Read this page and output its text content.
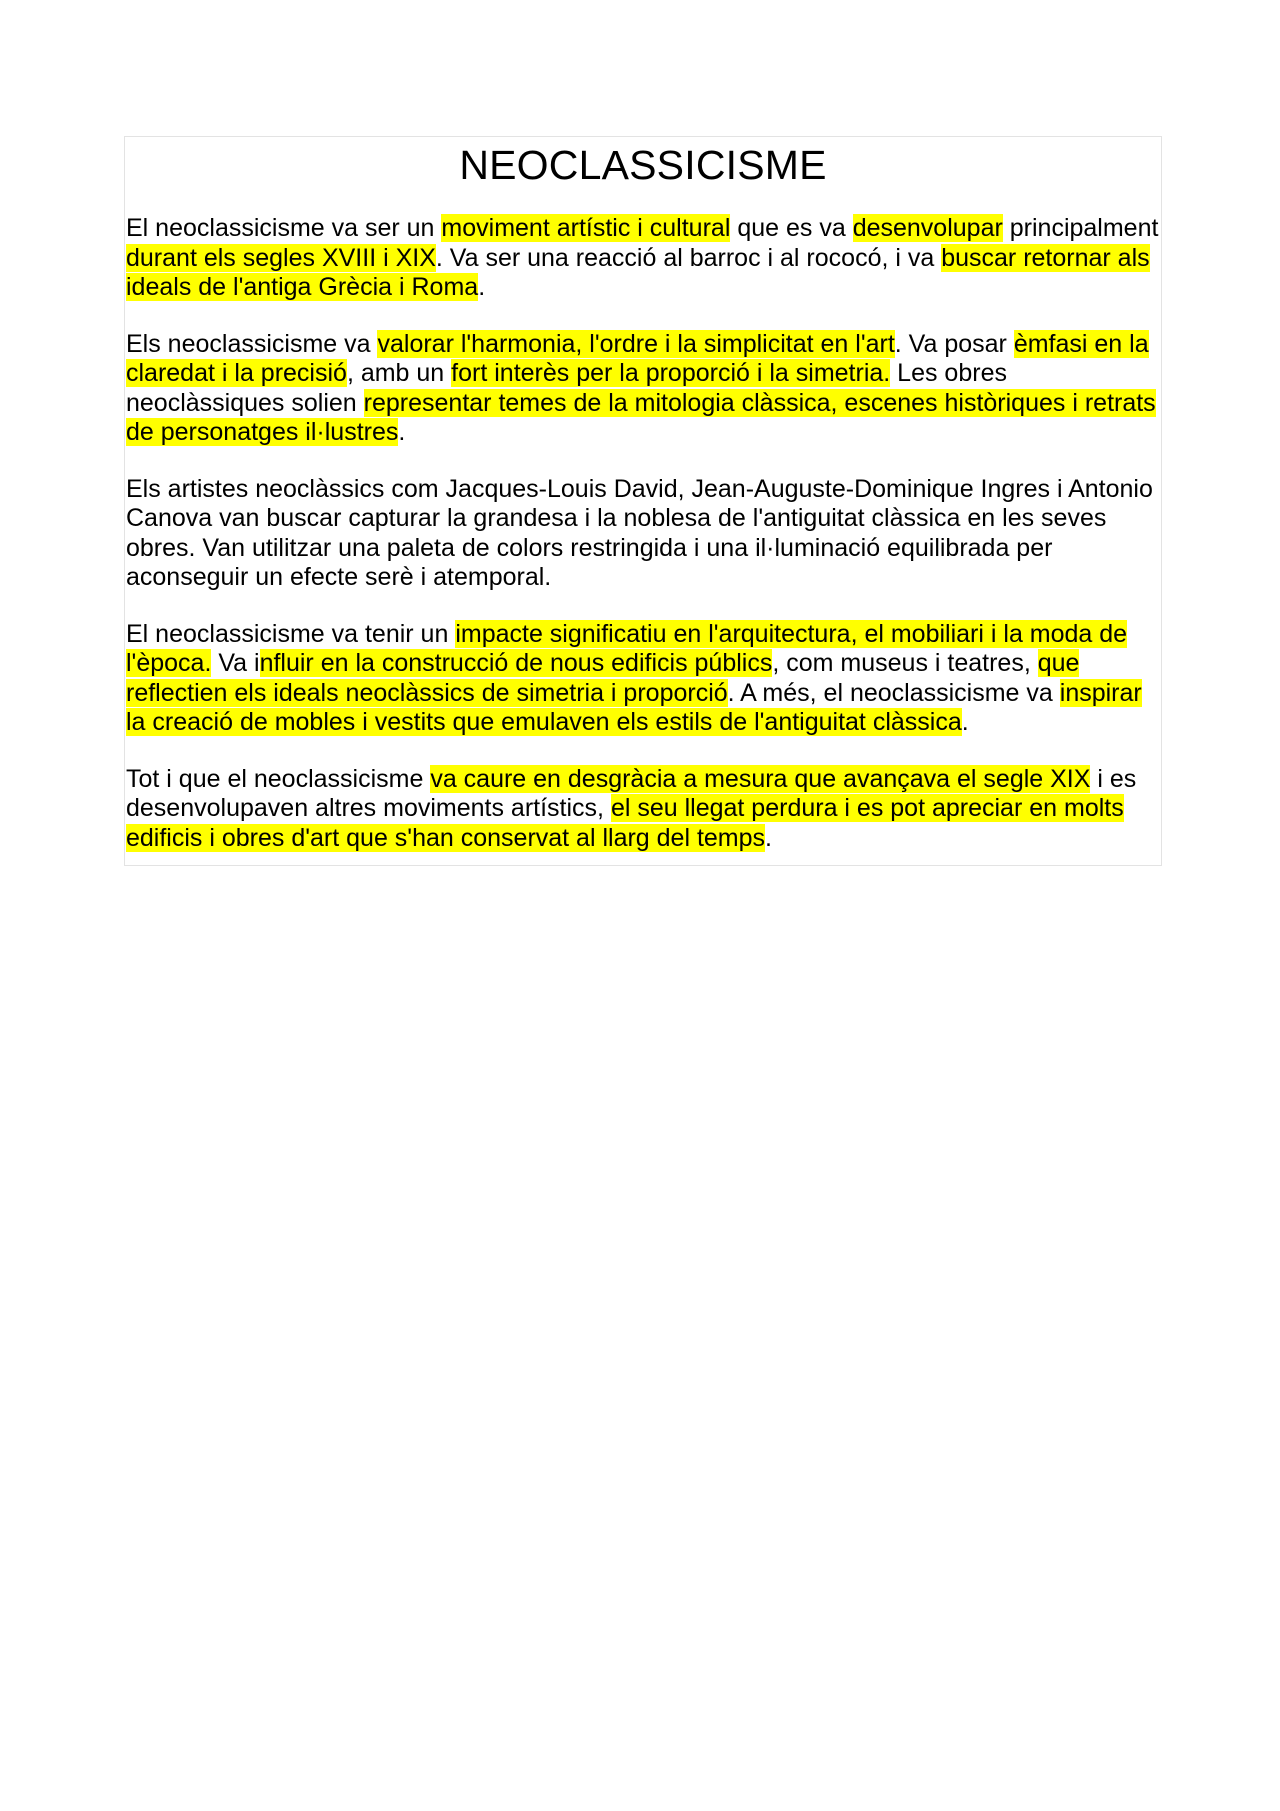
NEOCLASSICISME

El neoclassicisme va ser un moviment artístic i cultural que es va desenvolupar principalment durant els segles XVIII i XIX. Va ser una reacció al barroc i al rococó, i va buscar retornar als ideals de l'antiga Grècia i Roma.

Els neoclassicisme va valorar l'harmonia, l'ordre i la simplicitat en l'art. Va posar èmfasi en la claredat i la precisió, amb un fort interès per la proporció i la simetria. Les obres neoclàssiques solien representar temes de la mitologia clàssica, escenes històriques i retrats de personatges il·lustres.

Els artistes neoclàssics com Jacques-Louis David, Jean-Auguste-Dominique Ingres i Antonio Canova van buscar capturar la grandesa i la noblesa de l'antiguitat clàssica en les seves obres. Van utilitzar una paleta de colors restringida i una il·luminació equilibrada per aconseguir un efecte serè i atemporal.

El neoclassicisme va tenir un impacte significatiu en l'arquitectura, el mobiliari i la moda de l'època. Va influir en la construcció de nous edificis públics, com museus i teatres, que reflectien els ideals neoclàssics de simetria i proporció. A més, el neoclassicisme va inspirar la creació de mobles i vestits que emulaven els estils de l'antiguitat clàssica.

Tot i que el neoclassicisme va caure en desgràcia a mesura que avançava el segle XIX i es desenvolupaven altres moviments artístics, el seu llegat perdura i es pot apreciar en molts edificis i obres d'art que s'han conservat al llarg del temps.
